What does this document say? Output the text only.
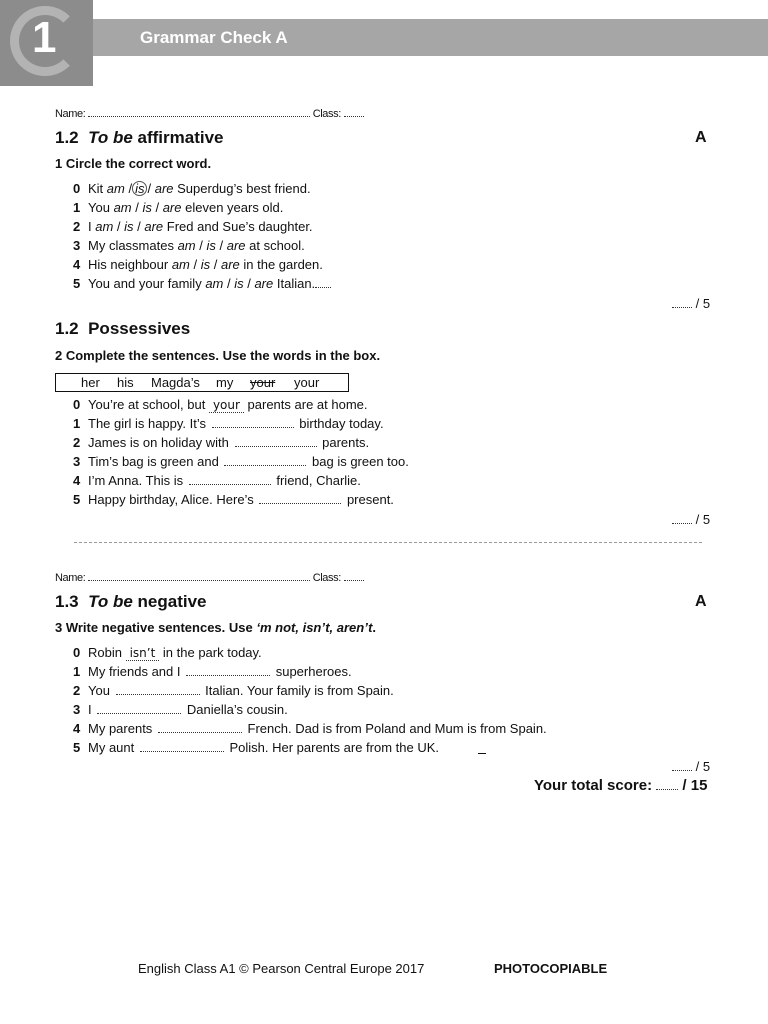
1	Grammar Check A
Name:	Class:
1.2 To be affirmative	A
1 Circle the correct word.
0 Kit am / is / are Superdug’s best friend.
1 You am / is / are eleven years old.
2 I am / is / are Fred and Sue’s daughter.
3 My classmates am / is / are at school.
4 His neighbour am / is / are in the garden.
5 You and your family am / is / are Italian.
/ 5
1.2 Possessives
2 Complete the sentences. Use the words in the box.
her his Magda’s my your your
0 You’re at school, but your parents are at home.
1 The girl is happy. It’s	birthday today.
2 James is on holiday with	parents.
3 Tim’s bag is green and	bag is green too.
4 I’m Anna. This is	friend, Charlie.
5 Happy birthday, Alice. Here’s	present.
/ 5
Name:	Class:
1.3 To be negative	A
3 Write negative sentences. Use ‘m not, isn’t, aren’t.
0 Robin isn’t in the park today.
1 My friends and I	superheroes.
2 You	Italian. Your family is from Spain.
3 I	Daniella’s cousin.
4 My parents	French. Dad is from Poland and Mum is from Spain.
5 My aunt	Polish. Her parents are from the UK.
/ 5
Your total score: / 15
English Class A1 © Pearson Central Europe 2017	PHOTOCOPIABLE
